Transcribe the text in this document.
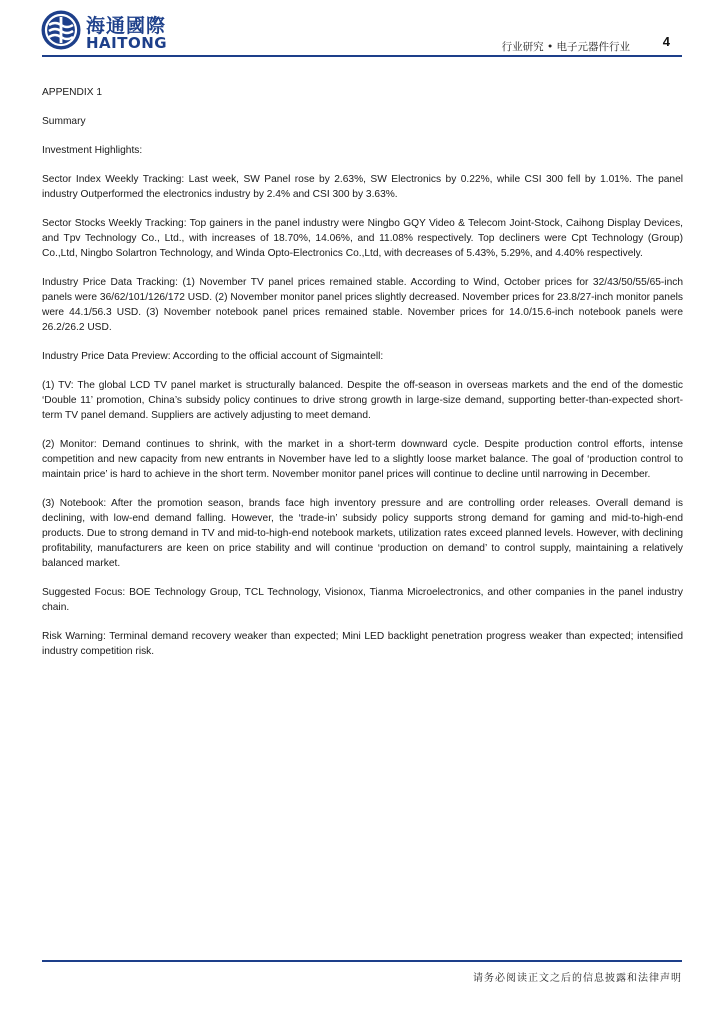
海通國際
HAITONG	行业研究 • 电子元器件行业	4

APPENDIX 1

Summary

Investment Highlights:

Sector Index Weekly Tracking: Last week, SW Panel rose by 2.63%, SW Electronics by 0.22%, while CSI 300 fell by 1.01%. The panel industry Outperformed the electronics industry by 2.4% and CSI 300 by 3.63%.

Sector Stocks Weekly Tracking: Top gainers in the panel industry were Ningbo GQY Video & Telecom Joint-Stock, Caihong Display Devices, and Tpv Technology Co., Ltd., with increases of 18.70%, 14.06%, and 11.08% respectively. Top decliners were Cpt Technology (Group) Co.,Ltd, Ningbo Solartron Technology, and Winda Opto-Electronics Co.,Ltd, with decreases of 5.43%, 5.29%, and 4.40% respectively.

Industry Price Data Tracking: (1) November TV panel prices remained stable. According to Wind, October prices for 32/43/50/55/65-inch panels were 36/62/101/126/172 USD. (2) November monitor panel prices slightly decreased. November prices for 23.8/27-inch monitor panels were 44.1/56.3 USD. (3) November notebook panel prices remained stable. November prices for 14.0/15.6-inch notebook panels were 26.2/26.2 USD.

Industry Price Data Preview: According to the official account of Sigmaintell:

(1) TV: The global LCD TV panel market is structurally balanced. Despite the off-season in overseas markets and the end of the domestic ‘Double 11’ promotion, China’s subsidy policy continues to drive strong growth in large-size demand, supporting better-than-expected short-term TV panel demand. Suppliers are actively adjusting to meet demand.

(2) Monitor: Demand continues to shrink, with the market in a short-term downward cycle. Despite production control efforts, intense competition and new capacity from new entrants in November have led to a slightly loose market balance. The goal of ‘production control to maintain price’ is hard to achieve in the short term. November monitor panel prices will continue to decline until narrowing in December.

(3) Notebook: After the promotion season, brands face high inventory pressure and are controlling order releases. Overall demand is declining, with low-end demand falling. However, the ‘trade-in’ subsidy policy supports strong demand for gaming and mid-to-high-end products. Due to strong demand in TV and mid-to-high-end notebook markets, utilization rates exceed planned levels. However, with declining profitability, manufacturers are keen on price stability and will continue ‘production on demand’ to control supply, maintaining a relatively balanced market.

Suggested Focus: BOE Technology Group, TCL Technology, Visionox, Tianma Microelectronics, and other companies in the panel industry chain.

Risk Warning: Terminal demand recovery weaker than expected; Mini LED backlight penetration progress weaker than expected; intensified industry competition risk.

请务必阅读正文之后的信息披露和法律声明
